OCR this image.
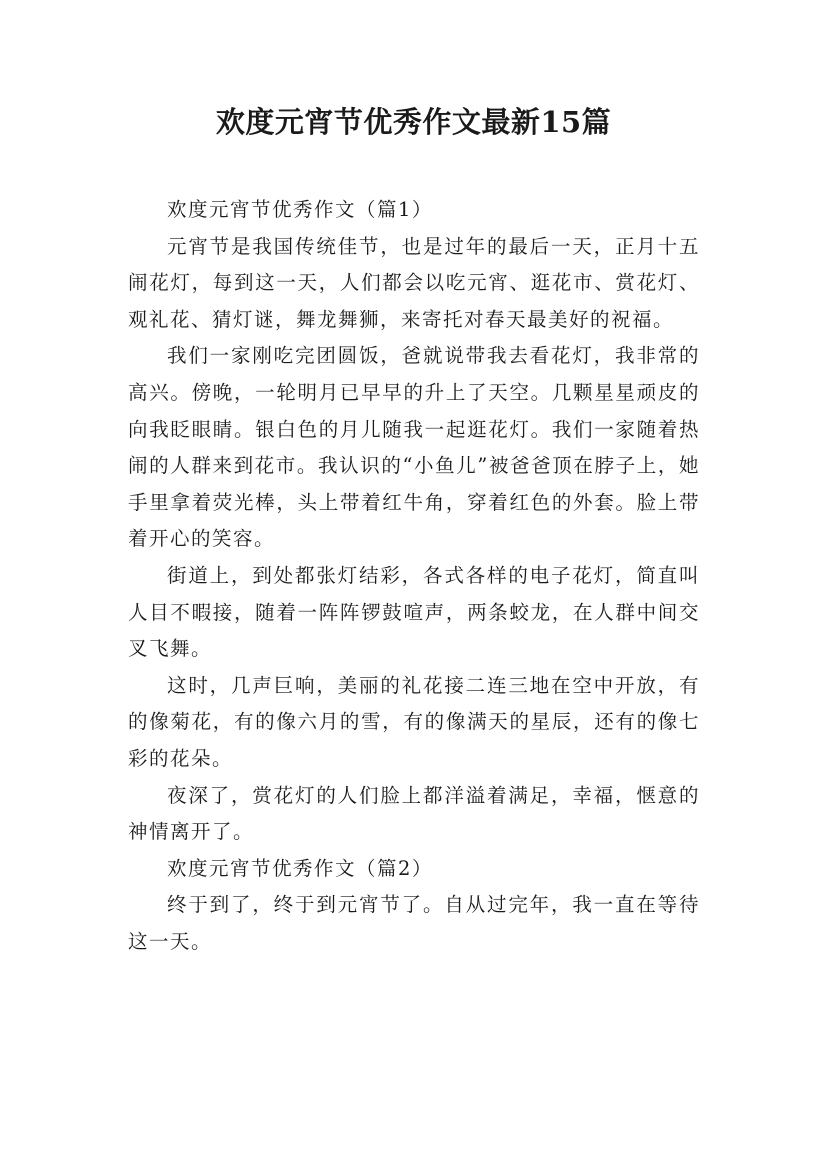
欢度元宵节优秀作文最新15篇

欢度元宵节优秀作文（篇1）

元宵节是我国传统佳节，也是过年的最后一天，正月十五闹花灯，每到这一天，人们都会以吃元宵、逛花市、赏花灯、观礼花、猜灯谜，舞龙舞狮，来寄托对春天最美好的祝福。

我们一家刚吃完团圆饭，爸就说带我去看花灯，我非常的高兴。傍晚，一轮明月已早早的升上了天空。几颗星星顽皮的向我眨眼睛。银白色的月儿随我一起逛花灯。我们一家随着热闹的人群来到花市。我认识的“小鱼儿”被爸爸顶在脖子上，她手里拿着荧光棒，头上带着红牛角，穿着红色的外套。脸上带着开心的笑容。

街道上，到处都张灯结彩，各式各样的电子花灯，简直叫人目不暇接，随着一阵阵锣鼓喧声，两条蛟龙，在人群中间交叉飞舞。

这时，几声巨响，美丽的礼花接二连三地在空中开放，有的像菊花，有的像六月的雪，有的像满天的星辰，还有的像七彩的花朵。

夜深了，赏花灯的人们脸上都洋溢着满足，幸福，惬意的神情离开了。

欢度元宵节优秀作文（篇2）

终于到了，终于到元宵节了。自从过完年，我一直在等待这一天。
